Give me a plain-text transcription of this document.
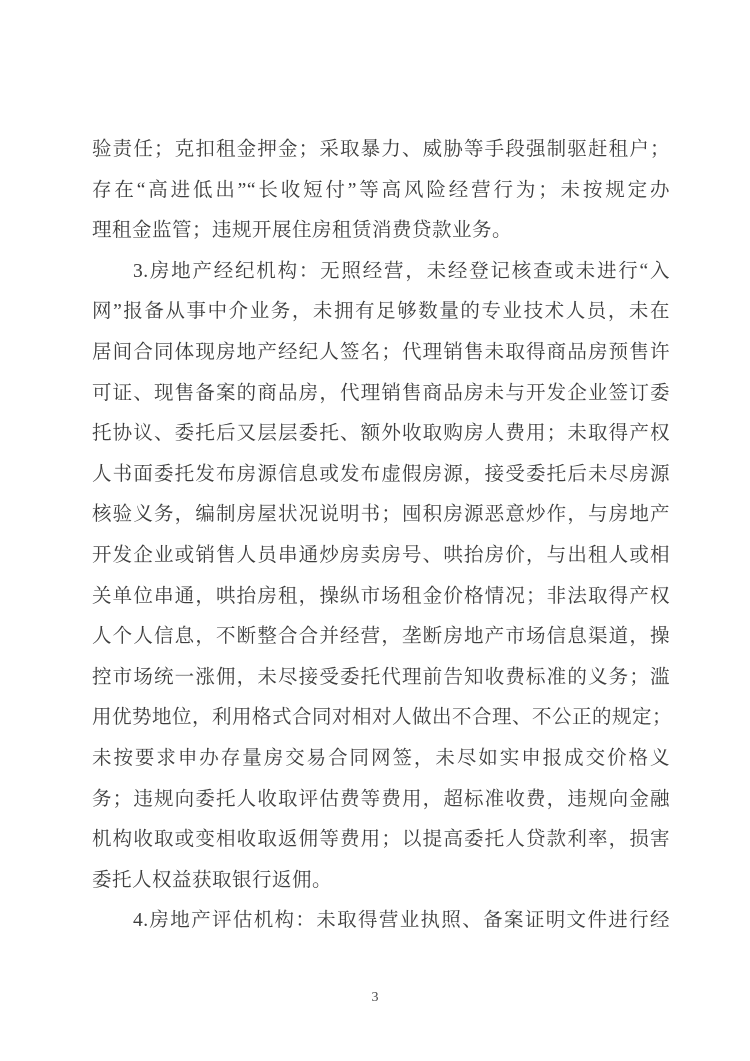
验责任；克扣租金押金；采取暴力、威胁等手段强制驱赶租户；
存在“高进低出”“长收短付”等高风险经营行为；未按规定办
理租金监管；违规开展住房租赁消费贷款业务。
3.房地产经纪机构：无照经营，未经登记核查或未进行“入
网”报备从事中介业务，未拥有足够数量的专业技术人员，未在
居间合同体现房地产经纪人签名；代理销售未取得商品房预售许
可证、现售备案的商品房，代理销售商品房未与开发企业签订委
托协议、委托后又层层委托、额外收取购房人费用；未取得产权
人书面委托发布房源信息或发布虚假房源，接受委托后未尽房源
核验义务，编制房屋状况说明书；囤积房源恶意炒作，与房地产
开发企业或销售人员串通炒房卖房号、哄抬房价，与出租人或相
关单位串通，哄抬房租，操纵市场租金价格情况；非法取得产权
人个人信息，不断整合合并经营，垄断房地产市场信息渠道，操
控市场统一涨佣，未尽接受委托代理前告知收费标准的义务；滥
用优势地位，利用格式合同对相对人做出不合理、不公正的规定；
未按要求申办存量房交易合同网签，未尽如实申报成交价格义
务；违规向委托人收取评估费等费用，超标准收费，违规向金融
机构收取或变相收取返佣等费用；以提高委托人贷款利率，损害
委托人权益获取银行返佣。
4.房地产评估机构：未取得营业执照、备案证明文件进行经
3
